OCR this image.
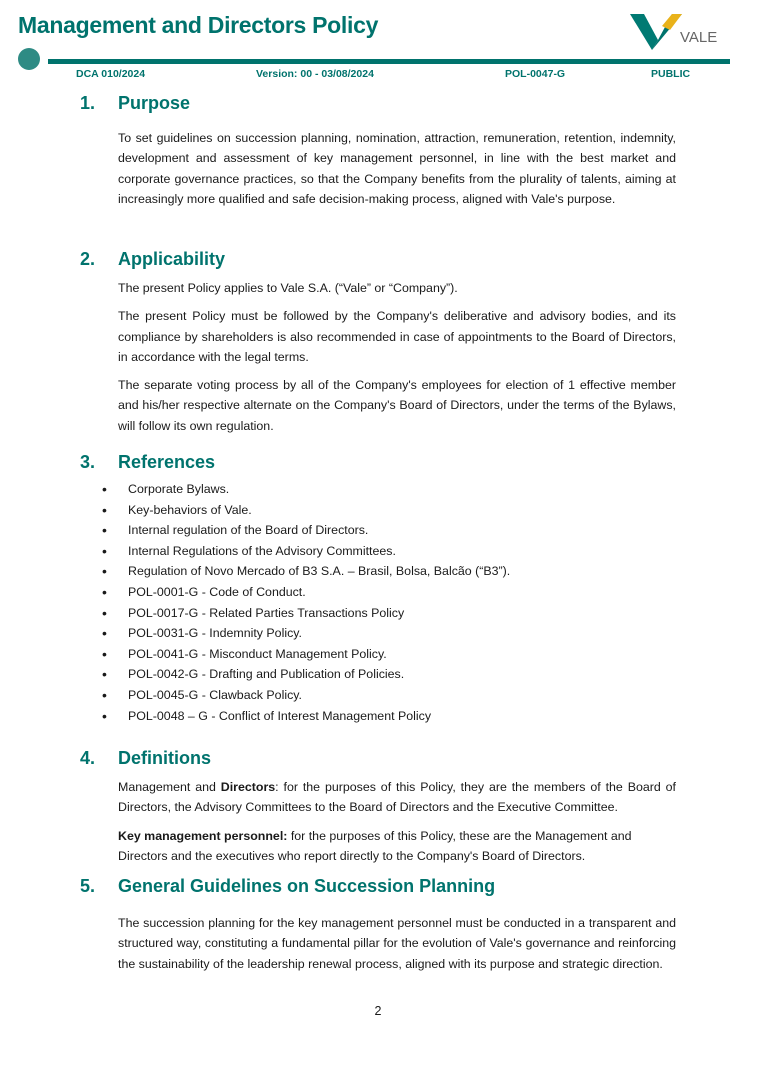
Management and Directors Policy	VALE
DCA 010/2024	Version: 00 - 03/08/2024	POL-0047-G	PUBLIC
1.	Purpose

To set guidelines on succession planning, nomination, attraction, remuneration, retention, indemnity, development and assessment of key management personnel, in line with the best market and corporate governance practices, so that the Company benefits from the plurality of talents, aiming at increasingly more qualified and safe decision-making process, aligned with Vale's purpose.

2.	Applicability

The present Policy applies to Vale S.A. (“Vale” or “Company”).

The present Policy must be followed by the Company's deliberative and advisory bodies, and its compliance by shareholders is also recommended in case of appointments to the Board of Directors, in accordance with the legal terms.

The separate voting process by all of the Company's employees for election of 1 effective member and his/her respective alternate on the Company's Board of Directors, under the terms of the Bylaws, will follow its own regulation.

3.	References
• Corporate Bylaws.
• Key-behaviors of Vale.
• Internal regulation of the Board of Directors.
• Internal Regulations of the Advisory Committees.
• Regulation of Novo Mercado of B3 S.A. – Brasil, Bolsa, Balcão (“B3”).
• POL-0001-G - Code of Conduct.
• POL-0017-G - Related Parties Transactions Policy
• POL-0031-G - Indemnity Policy.
• POL-0041-G - Misconduct Management Policy.
• POL-0042-G - Drafting and Publication of Policies.
• POL-0045-G - Clawback Policy.
• POL-0048 – G - Conflict of Interest Management Policy
4.	Definitions

Management and Directors: for the purposes of this Policy, they are the members of the Board of Directors, the Advisory Committees to the Board of Directors and the Executive Committee.

Key management personnel: for the purposes of this Policy, these are the Management and Directors and the executives who report directly to the Company's Board of Directors.

5.	General Guidelines on Succession Planning

The succession planning for the key management personnel must be conducted in a transparent and structured way, constituting a fundamental pillar for the evolution of Vale's governance and reinforcing the sustainability of the leadership renewal process, aligned with its purpose and strategic direction.

2
